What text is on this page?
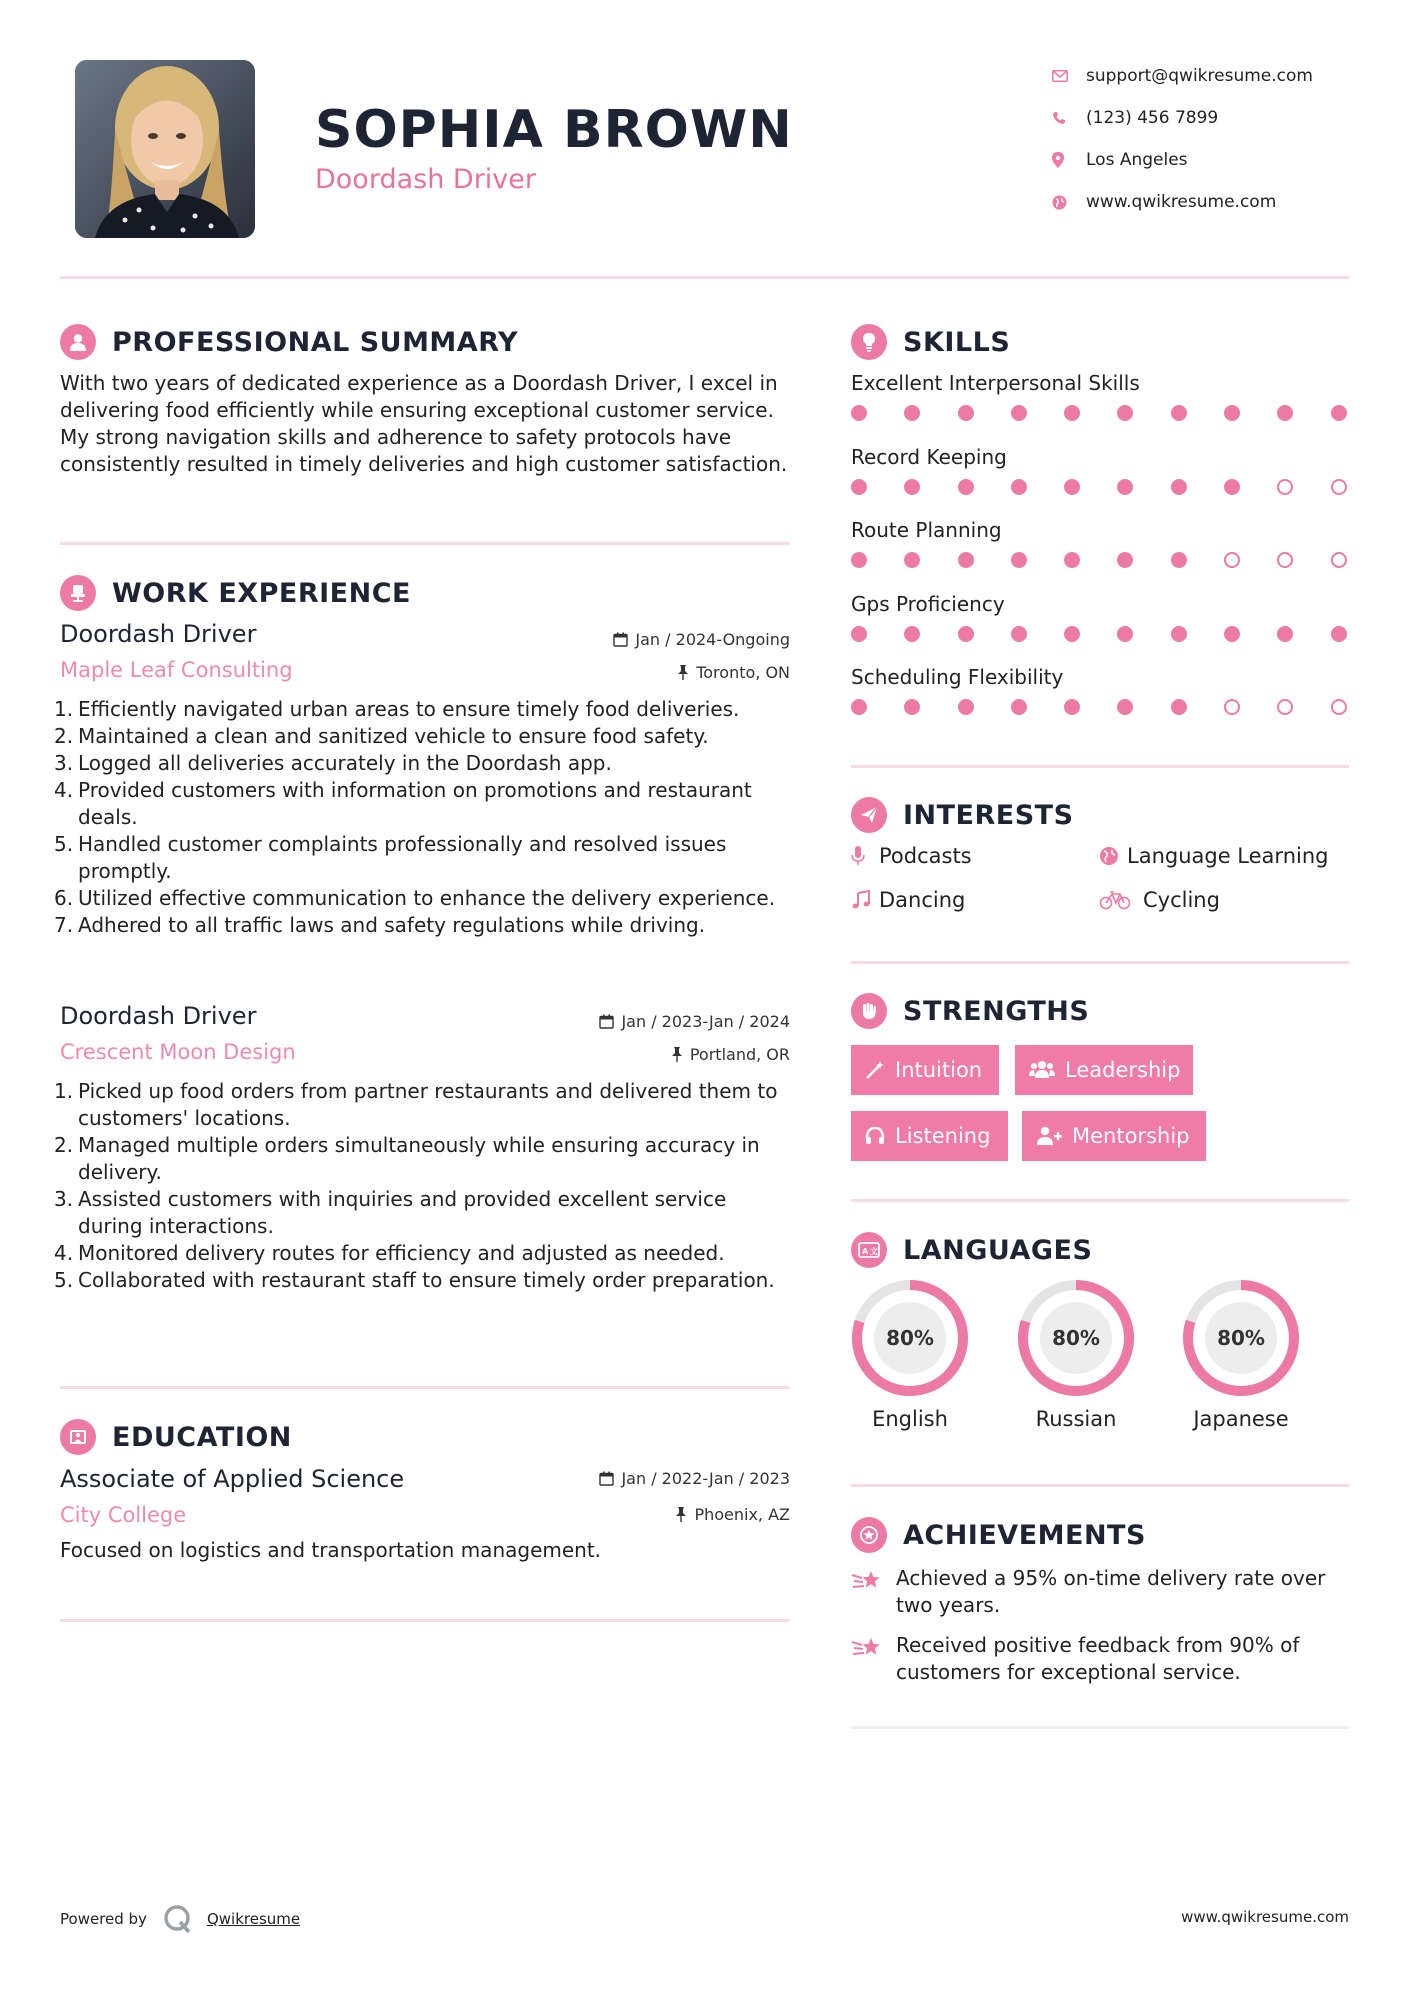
SOPHIA BROWN
Doordash Driver
support@qwikresume.com
(123) 456 7899
Los Angeles
www.qwikresume.com
PROFESSIONAL SUMMARY
With two years of dedicated experience as a Doordash Driver, I excel in delivering food efficiently while ensuring exceptional customer service. My strong navigation skills and adherence to safety protocols have consistently resulted in timely deliveries and high customer satisfaction.
WORK EXPERIENCE
Doordash Driver	Jan / 2024-Ongoing
Maple Leaf Consulting	Toronto, ON
1. Efficiently navigated urban areas to ensure timely food deliveries.
2. Maintained a clean and sanitized vehicle to ensure food safety.
3. Logged all deliveries accurately in the Doordash app.
4. Provided customers with information on promotions and restaurant deals.
5. Handled customer complaints professionally and resolved issues promptly.
6. Utilized effective communication to enhance the delivery experience.
7. Adhered to all traffic laws and safety regulations while driving.
Doordash Driver	Jan / 2023-Jan / 2024
Crescent Moon Design	Portland, OR
1. Picked up food orders from partner restaurants and delivered them to customers' locations.
2. Managed multiple orders simultaneously while ensuring accuracy in delivery.
3. Assisted customers with inquiries and provided excellent service during interactions.
4. Monitored delivery routes for efficiency and adjusted as needed.
5. Collaborated with restaurant staff to ensure timely order preparation.
EDUCATION
Associate of Applied Science	Jan / 2022-Jan / 2023
City College	Phoenix, AZ
Focused on logistics and transportation management.
SKILLS
Excellent Interpersonal Skills
Record Keeping
Route Planning
Gps Proficiency
Scheduling Flexibility
INTERESTS
Podcasts	Language Learning
Dancing	Cycling
STRENGTHS
Intuition	Leadership
Listening	Mentorship
A 文 LANGUAGES
80%
English
80%
Russian
80%
Japanese
ACHIEVEMENTS
Achieved a 95% on-time delivery rate over two years.
Received positive feedback from 90% of customers for exceptional service.
Powered by	Qwikresume	www.qwikresume.com
